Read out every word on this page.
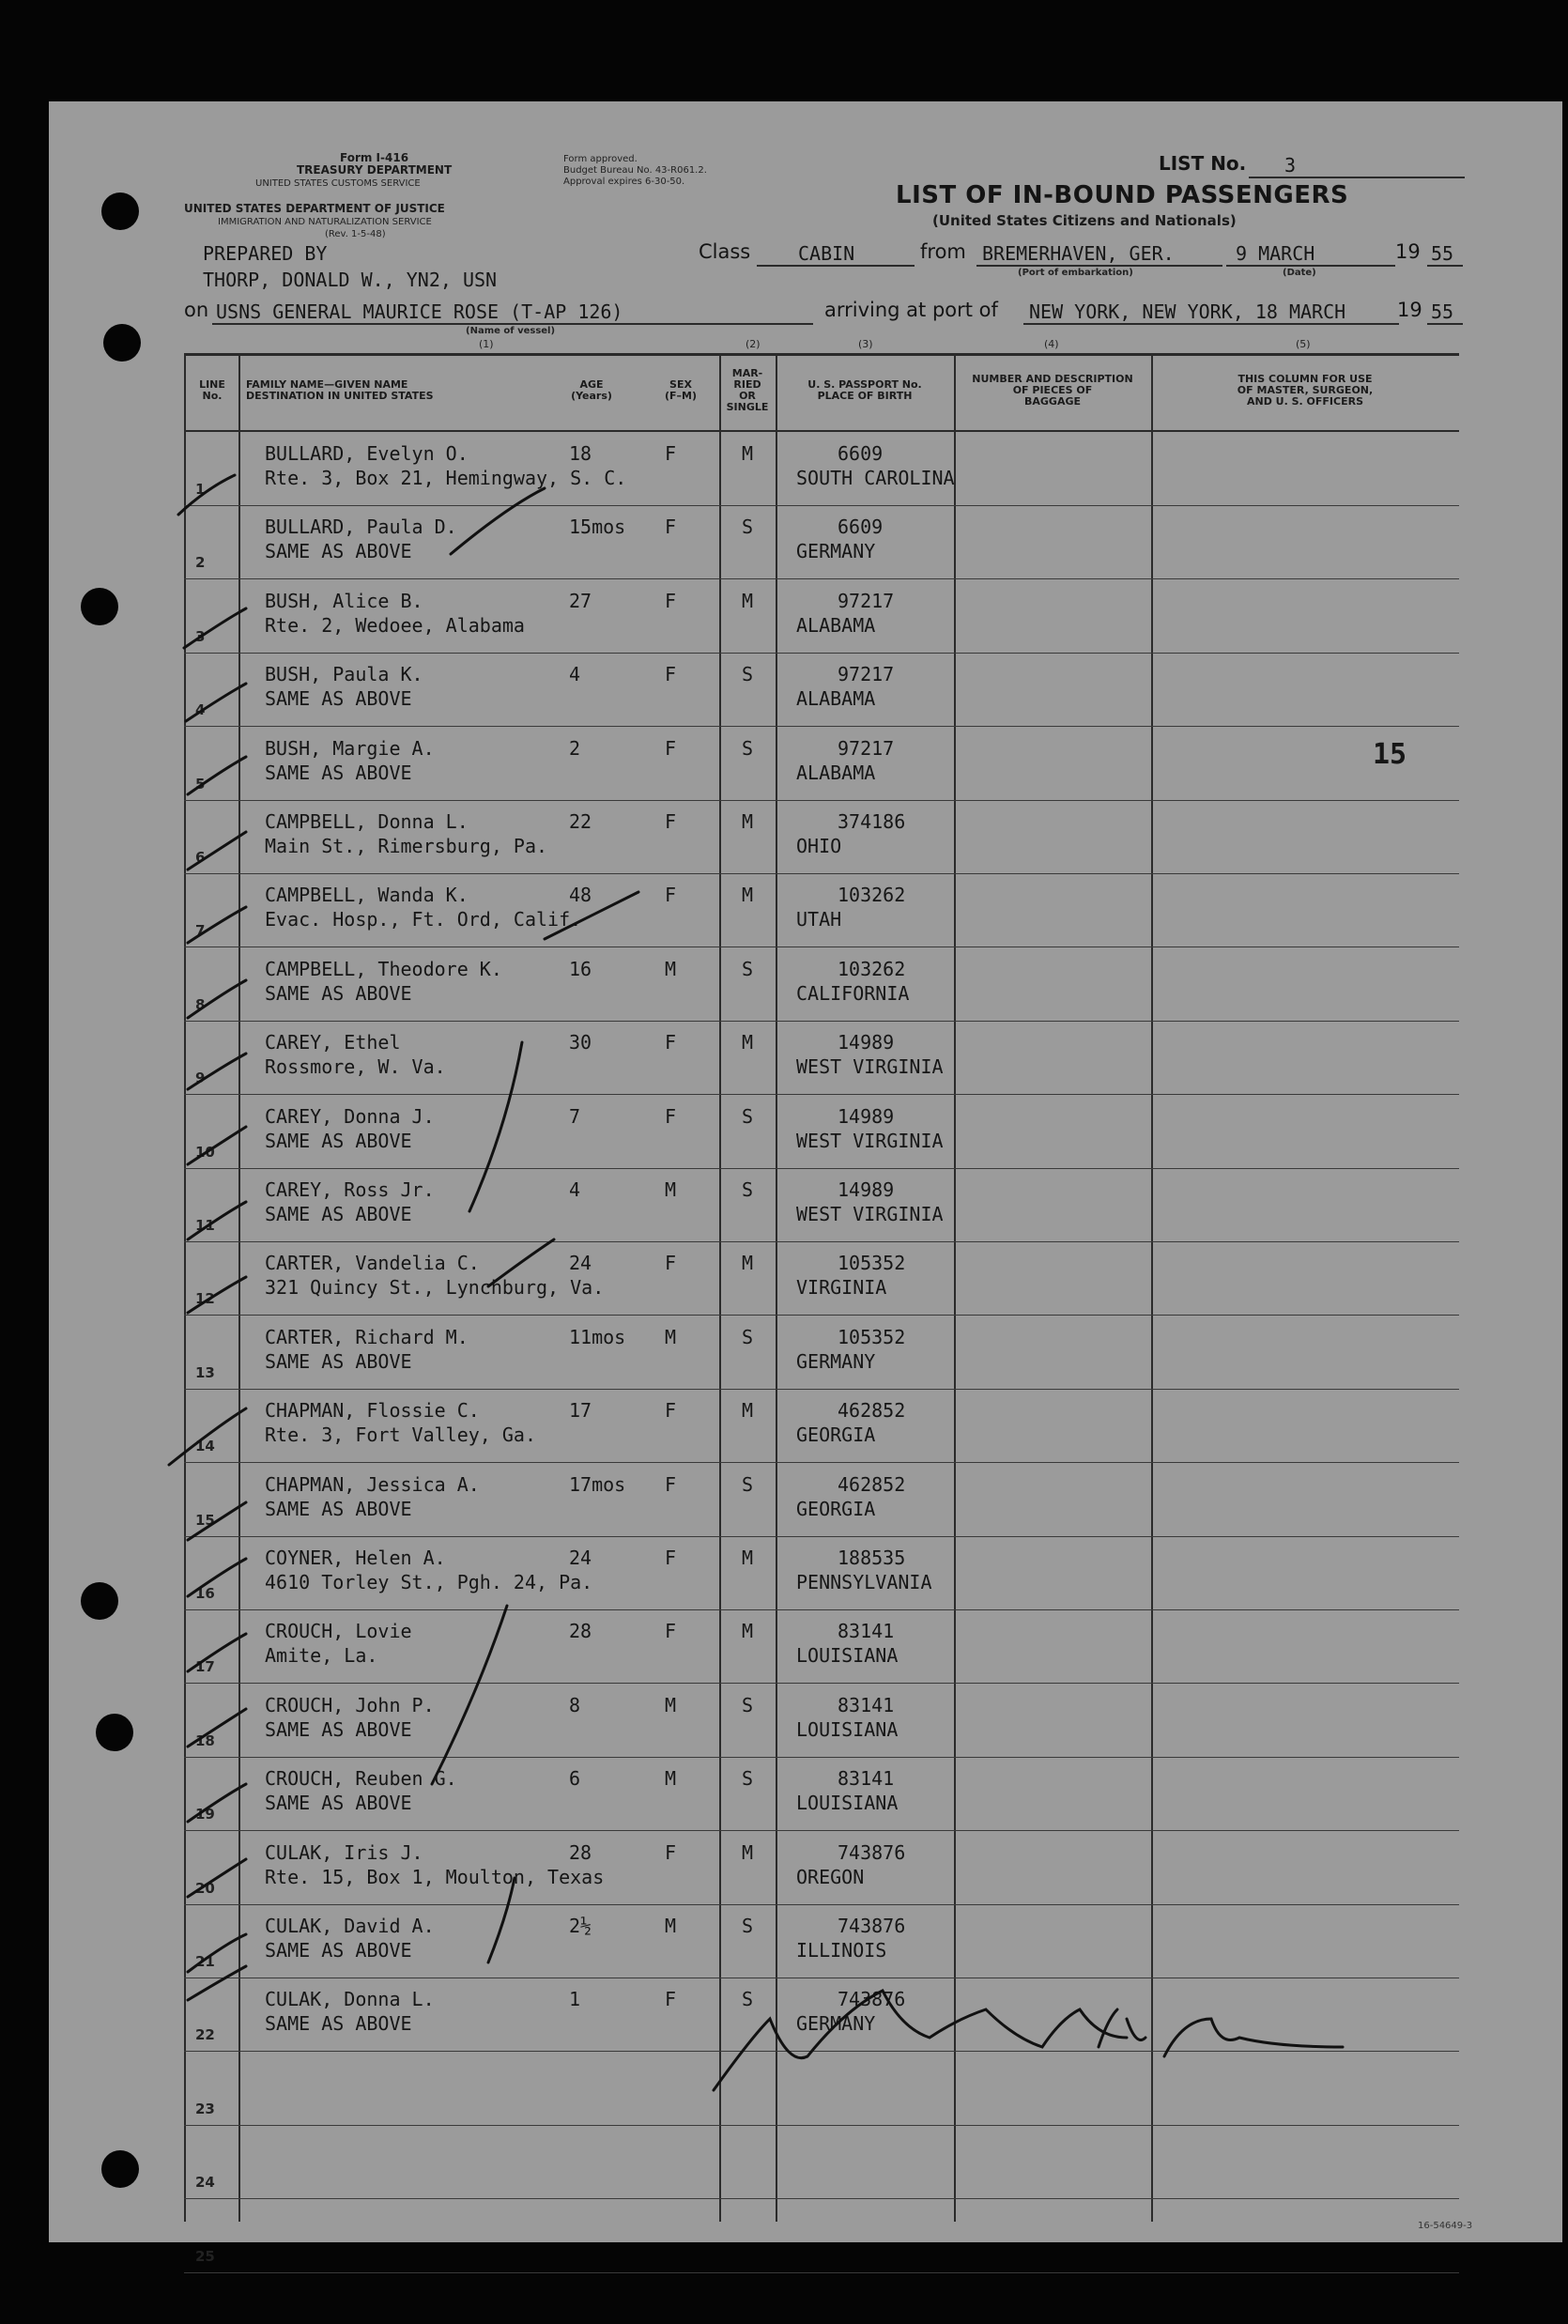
Form I-416
TREASURY DEPARTMENT
UNITED STATES CUSTOMS SERVICE
UNITED STATES DEPARTMENT OF JUSTICE
IMMIGRATION AND NATURALIZATION SERVICE
(Rev. 1-5-48)
Form approved.
Budget Bureau No. 43-R061.2.
Approval expires 6-30-50.
LIST No. 3
LIST OF IN-BOUND PASSENGERS
(United States Citizens and Nationals)
Class	CABIN	from BREMERHAVEN, GER.	9 MARCH	19 55
(Port of embarkation)	(Date)
PREPARED BY
THORP, DONALD W., YN2, USN
on USNS GENERAL MAURICE ROSE (T-AP 126)
(Name of vessel)
arriving at port of NEW YORK, NEW YORK, 18 MARCH	19 55
(1)	(2)	(3)	(4)	(5)
LINE
No.
FAMILY NAME—GIVEN NAME
DESTINATION IN UNITED STATES
AGE
(Years)
SEX
(F–M)
MAR-
RIED
OR
SINGLE
U. S. PASSPORT No.
PLACE OF BIRTH
NUMBER AND DESCRIPTION
OF PIECES OF
BAGGAGE
THIS COLUMN FOR USE
OF MASTER, SURGEON,
AND U. S. OFFICERS
1
BULLARD, Evelyn O.
Rte. 3, Box 21, Hemingway, S. C.
18	F	M	6609
SOUTH CAROLINA
2
BULLARD, Paula D.
SAME AS ABOVE
15mos F	S	6609
GERMANY
3
BUSH, Alice B.
Rte. 2, Wedoee, Alabama
27	F	M	97217
ALABAMA
4
BUSH, Paula K.
SAME AS ABOVE
4	F	S	97217
ALABAMA
5
BUSH, Margie A.
SAME AS ABOVE
2	F	S	97217
ALABAMA
6
CAMPBELL, Donna L.
Main St., Rimersburg, Pa.
22	F	M	374186
OHIO
7
CAMPBELL, Wanda K.
Evac. Hosp., Ft. Ord, Calif.
48	F	M	103262
UTAH
8
CAMPBELL, Theodore K.
SAME AS ABOVE
16	M	S	103262
CALIFORNIA
9
CAREY, Ethel
Rossmore, W. Va.
30	F	M	14989
WEST VIRGINIA
10
CAREY, Donna J.
SAME AS ABOVE
7	F	S	14989
WEST VIRGINIA
11
CAREY, Ross Jr.
SAME AS ABOVE
4	M	S	14989
WEST VIRGINIA
12
CARTER, Vandelia C.
321 Quincy St., Lynchburg, Va.
24	F	M	105352
VIRGINIA
13
CARTER, Richard M.
SAME AS ABOVE
11mos M	S	105352
GERMANY
14
CHAPMAN, Flossie C.
Rte. 3, Fort Valley, Ga.
17	F	M	462852
GEORGIA
15
CHAPMAN, Jessica A.
SAME AS ABOVE
17mos F	S	462852
GEORGIA
16
COYNER, Helen A.
4610 Torley St., Pgh. 24, Pa.
24	F	M	188535
PENNSYLVANIA
17
CROUCH, Lovie
Amite, La.
28	F	M	83141
LOUISIANA
18
CROUCH, John P.
SAME AS ABOVE
8	M	S	83141
LOUISIANA
19
CROUCH, Reuben G.
SAME AS ABOVE
6	M	S	83141
LOUISIANA
20
CULAK, Iris J.
Rte. 15, Box 1, Moulton, Texas
28	F	M	743876
OREGON
21
CULAK, David A.
SAME AS ABOVE
2½	M	S	743876
ILLINOIS
22
CULAK, Donna L.
SAME AS ABOVE
1	F	S	743876
GERMANY
23
24
25
15
16-54649-3
